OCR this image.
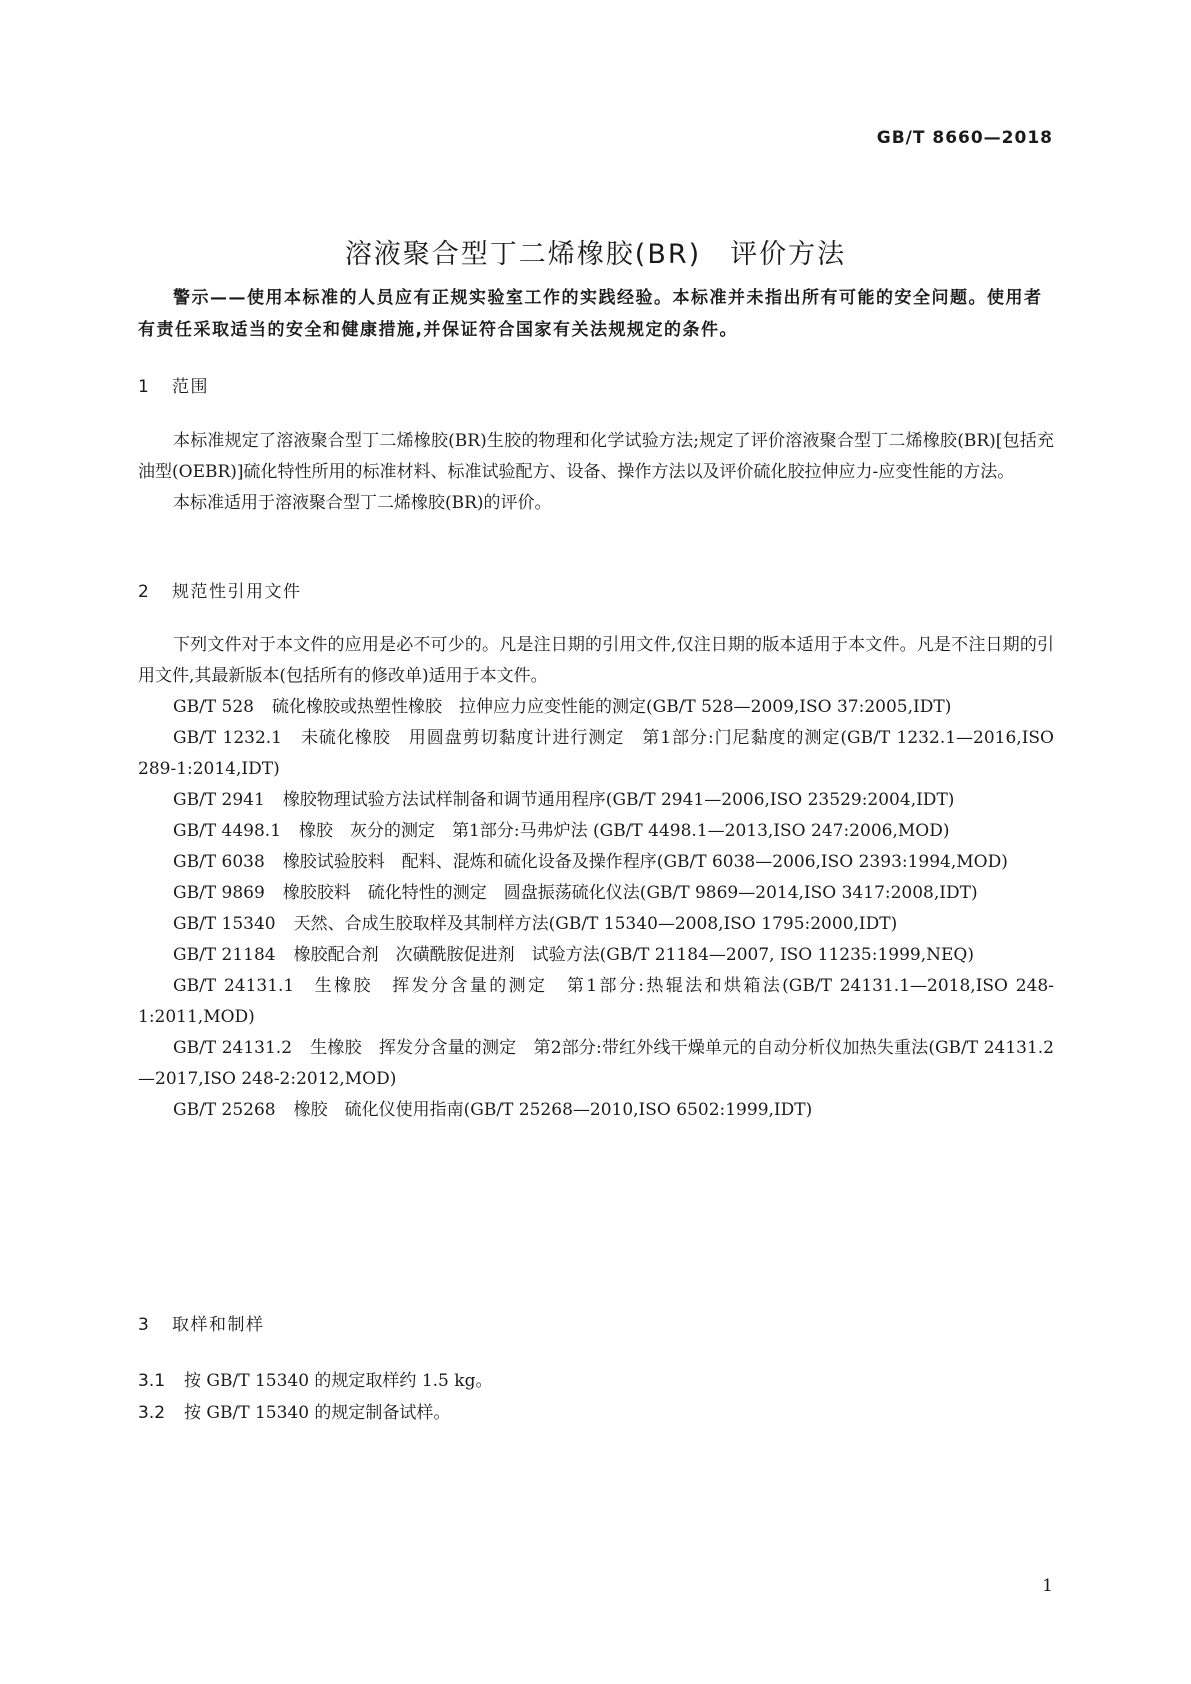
GB/T 8660—2018
溶液聚合型丁二烯橡胶(BR)　评价方法

警示——使用本标准的人员应有正规实验室工作的实践经验。本标准并未指出所有可能的安全问题。使用者有责任采取适当的安全和健康措施,并保证符合国家有关法规规定的条件。

1 范围

本标准规定了溶液聚合型丁二烯橡胶(BR)生胶的物理和化学试验方法;规定了评价溶液聚合型丁二烯橡胶(BR)[包括充油型(OEBR)]硫化特性所用的标准材料、标准试验配方、设备、操作方法以及评价硫化胶拉伸应力-应变性能的方法。

本标准适用于溶液聚合型丁二烯橡胶(BR)的评价。

2 规范性引用文件

下列文件对于本文件的应用是必不可少的。凡是注日期的引用文件,仅注日期的版本适用于本文件。凡是不注日期的引用文件,其最新版本(包括所有的修改单)适用于本文件。

GB/T 528 硫化橡胶或热塑性橡胶　拉伸应力应变性能的测定(GB/T 528—2009,ISO 37:2005,IDT)

GB/T 1232.1 未硫化橡胶　用圆盘剪切黏度计进行测定　第1部分:门尼黏度的测定(GB/T 1232.1—2016,ISO 289-1:2014,IDT)

GB/T 2941 橡胶物理试验方法试样制备和调节通用程序(GB/T 2941—2006,ISO 23529:2004,IDT)

GB/T 4498.1 橡胶　灰分的测定　第1部分:马弗炉法 (GB/T 4498.1—2013,ISO 247:2006,MOD)

GB/T 6038 橡胶试验胶料　配料、混炼和硫化设备及操作程序(GB/T 6038—2006,ISO 2393:1994,MOD)

GB/T 9869 橡胶胶料　硫化特性的测定　圆盘振荡硫化仪法(GB/T 9869—2014,ISO 3417:2008,IDT)

GB/T 15340 天然、合成生胶取样及其制样方法(GB/T 15340—2008,ISO 1795:2000,IDT)

GB/T 21184 橡胶配合剂　次磺酰胺促进剂　试验方法(GB/T 21184—2007, ISO 11235:1999,NEQ)

GB/T 24131.1 生橡胶　挥发分含量的测定　第1部分:热辊法和烘箱法(GB/T 24131.1—2018,ISO 248-1:2011,MOD)

GB/T 24131.2 生橡胶　挥发分含量的测定　第2部分:带红外线干燥单元的自动分析仪加热失重法(GB/T 24131.2—2017,ISO 248-2:2012,MOD)

GB/T 25268 橡胶　硫化仪使用指南(GB/T 25268—2010,ISO 6502:1999,IDT)

3 取样和制样

3.1 按 GB/T 15340 的规定取样约 1.5 kg。

3.2 按 GB/T 15340 的规定制备试样。

1
